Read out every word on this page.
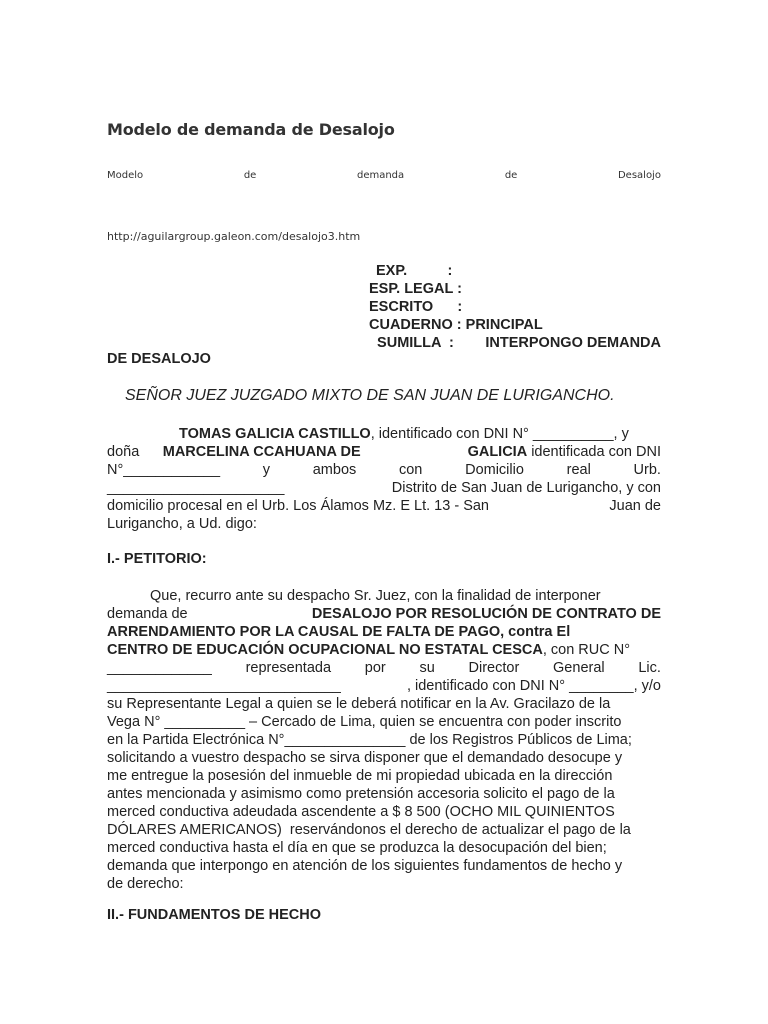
Modelo de demanda de Desalojo
Modelo	de	demanda	de	Desalojo
http://aguilargroup.galeon.com/desalojo3.htm
EXP.          :
ESP. LEGAL :
ESCRITO      :
CUADERNO : PRINCIPAL
SUMILLA  : INTERPONGO DEMANDA
DE DESALOJO
SEÑOR JUEZ JUZGADO MIXTO DE SAN JUAN DE LURIGANCHO.
TOMAS GALICIA CASTILLO , identificado con DNI N° __________, y
doña MARCELINA CCAHUANA DE	GALICIA identificada con DNI
N°____________	y	ambos	con	Domicilio	real	Urb.
______________________	Distrito de San Juan de Lurigancho, y con
domicilio procesal en el Urb. Los Álamos Mz. E Lt. 13 - San	Juan de
Lurigancho, a Ud. digo:
I.- PETITORIO:
Que, recurro ante su despacho Sr. Juez, con la finalidad de interponer
demanda de	DESALOJO POR RESOLUCIÓN DE CONTRATO DE
ARRENDAMIENTO POR LA CAUSAL DE FALTA DE PAGO, contra El
CENTRO DE EDUCACIÓN OCUPACIONAL NO ESTATAL CESCA , con RUC N°
_____________ representada por su Director General Lic.
_____________________________	, identificado con DNI N° ________, y/o
su Representante Legal a quien se le deberá notificar en la Av. Gracilazo de la
Vega N° __________ – Cercado de Lima, quien se encuentra con poder inscrito
en la Partida Electrónica N°_______________ de los Registros Públicos de Lima;
solicitando a vuestro despacho se sirva disponer que el demandado desocupe y
me entregue la posesión del inmueble de mi propiedad ubicada en la dirección
antes mencionada y asimismo como pretensión accesoria solicito el pago de la
merced conductiva adeudada ascendente a $ 8 500 (OCHO MIL QUINIENTOS
DÓLARES AMERICANOS)  reservándonos el derecho de actualizar el pago de la
merced conductiva hasta el día en que se produzca la desocupación del bien;
demanda que interpongo en atención de los siguientes fundamentos de hecho y
de derecho:
II.- FUNDAMENTOS DE HECHO
